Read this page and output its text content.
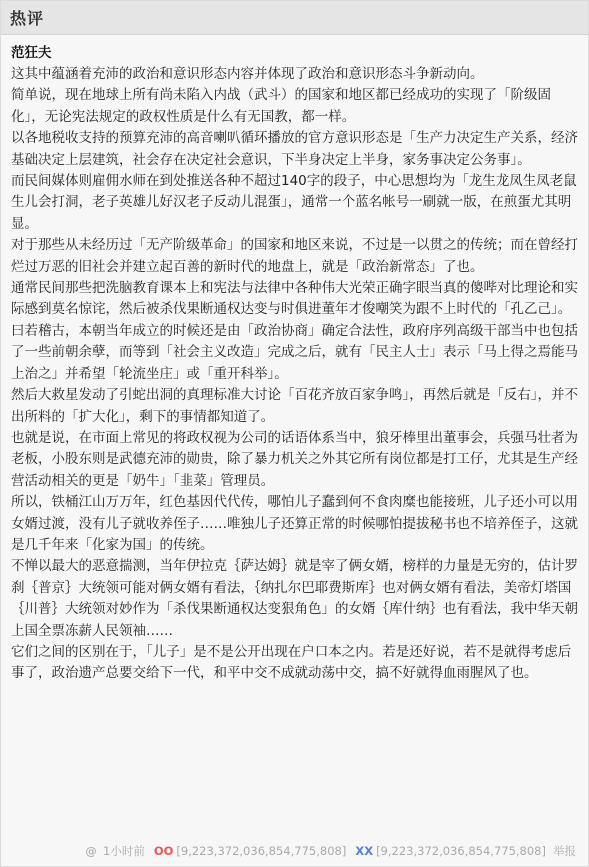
热评
范狂夫

这其中蕴涵着充沛的政治和意识形态内容并体现了政治和意识形态斗争新动向。

简单说，现在地球上所有尚未陷入内战（武斗）的国家和地区都已经成功的实现了「阶级固化」，无论宪法规定的政权性质是什么有无国教，都一样。

以各地税收支持的预算充沛的高音喇叭循环播放的官方意识形态是「生产力决定生产关系，经济基础决定上层建筑，社会存在决定社会意识，下半身决定上半身，家务事决定公务事」。

而民间媒体则雇佣水师在到处推送各种不超过140字的段子，中心思想均为「龙生龙凤生凤老鼠生儿会打洞，老子英雄儿好汉老子反动儿混蛋」，通常一个蓝名帐号一刷就一版，在煎蛋尤其明显。

对于那些从未经历过「无产阶级革命」的国家和地区来说，不过是一以贯之的传统；而在曾经打烂过万恶的旧社会并建立起百善的新时代的地盘上，就是「政治新常态」了也。

通常民间那些把洗脑教育课本上和宪法与法律中各种伟大光荣正确字眼当真的傻哔对比理论和实际感到莫名惊诧，然后被杀伐果断通权达变与时俱进董年才俊嘲笑为跟不上时代的「孔乙己」。

曰若稽古，本朝当年成立的时候还是由「政治协商」确定合法性，政府序列高级干部当中也包括了一些前朝余孽，而等到「社会主义改造」完成之后，就有「民主人士」表示「马上得之焉能马上治之」并希望「轮流坐庄」或「重开科举」。

然后大救星发动了引蛇出洞的真理标准大讨论「百花齐放百家争鸣」，再然后就是「反右」，并不出所料的「扩大化」，剩下的事情都知道了。

也就是说，在市面上常见的将政权视为公司的话语体系当中，狼牙棒里出董事会，兵强马壮者为老板，小股东则是武德充沛的勋贵，除了暴力机关之外其它所有岗位都是打工仔，尤其是生产经营活动相关的更是「奶牛」「韭菜」管理员。

所以，铁桶江山万万年，红色基因代代传，哪怕儿子蠢到何不食肉糜也能接班，儿子还小可以用女婿过渡，没有儿子就收养侄子……唯独儿子还算正常的时候哪怕提拔秘书也不培养侄子，这就是几千年来「化家为国」的传统。

不惮以最大的恶意揣测，当年伊拉克｛萨达姆｝就是宰了俩女婿，榜样的力量是无穷的，估计罗刹｛普京｝大统领可能对俩女婿有看法，｛纳扎尔巴耶费斯库｝也对俩女婿有看法，美帝灯塔国｛川普｝大统领对妙作为「杀伐果断通权达变狠角色」的女婿｛库什纳｝也有看法，我中华天朝上国全票冻薪人民领袖……

它们之间的区别在于，「儿子」是不是公开出现在户口本之内。若是还好说，若不是就得考虑后事了，政治遗产总要交给下一代，和平中交不成就动荡中交，搞不好就得血雨腥风了也。

@ 1小时前 OO [9,223,372,036,854,775,808] XX [9,223,372,036,854,775,808] 举报
